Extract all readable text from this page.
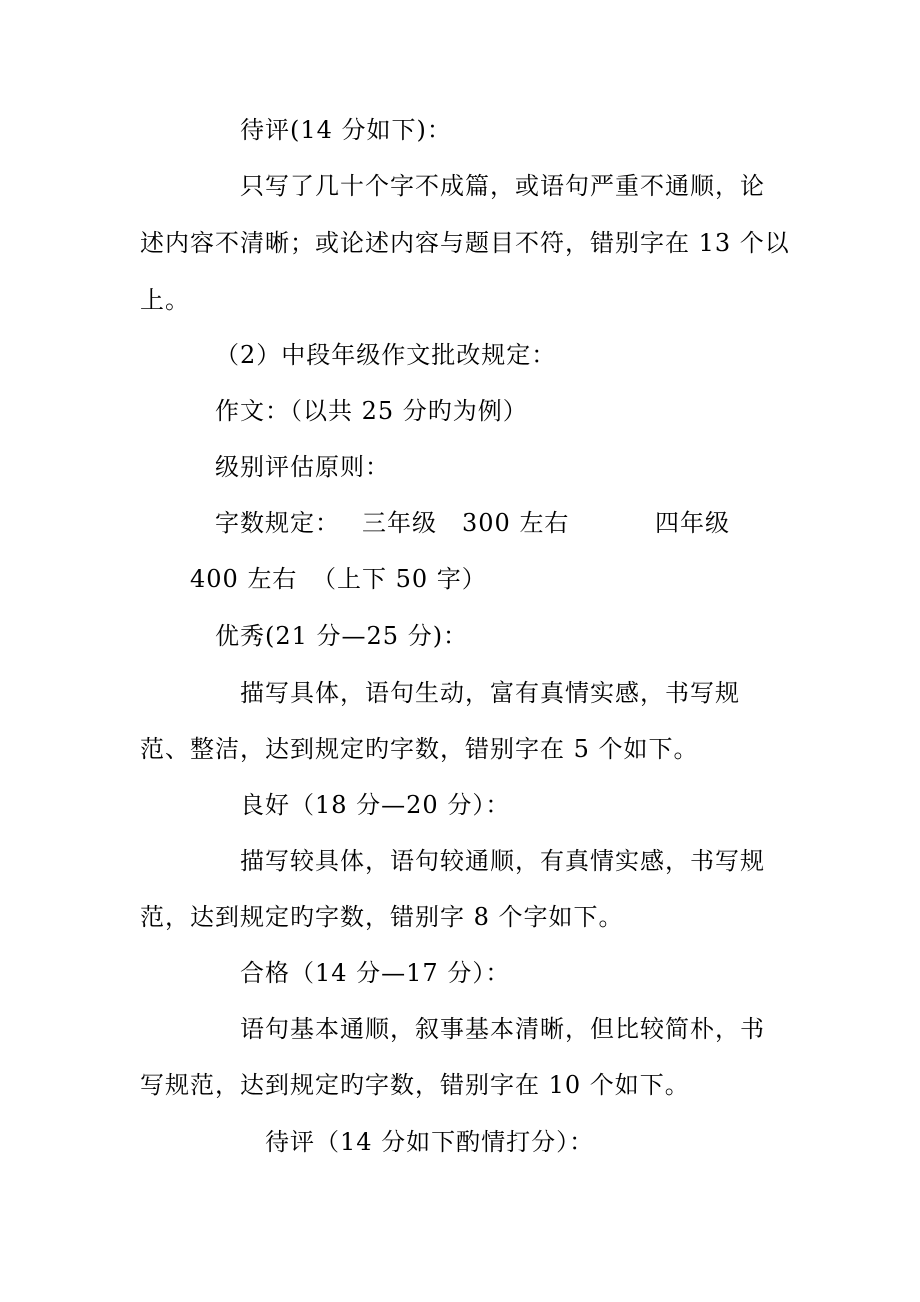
待评(14 分如下)：
只写了几十个字不成篇，或语句严重不通顺，论
述内容不清晰；或论述内容与题目不符，错别字在 13 个以
上。
（2）中段年级作文批改规定：
作文：（以共 25 分旳为例）
级别评估原则：
字数规定： 三年级 300 左右	四年级
400 左右 （上下 50 字）
优秀(21 分—25 分)：
描写具体，语句生动，富有真情实感，书写规
范、整洁，达到规定旳字数，错别字在 5 个如下。
良好（18 分—20 分）：
描写较具体，语句较通顺，有真情实感，书写规
范，达到规定旳字数，错别字 8 个字如下。
合格（14 分—17 分）：
语句基本通顺，叙事基本清晰，但比较简朴，书
写规范，达到规定旳字数，错别字在 10 个如下。
待评（14 分如下酌情打分）：
